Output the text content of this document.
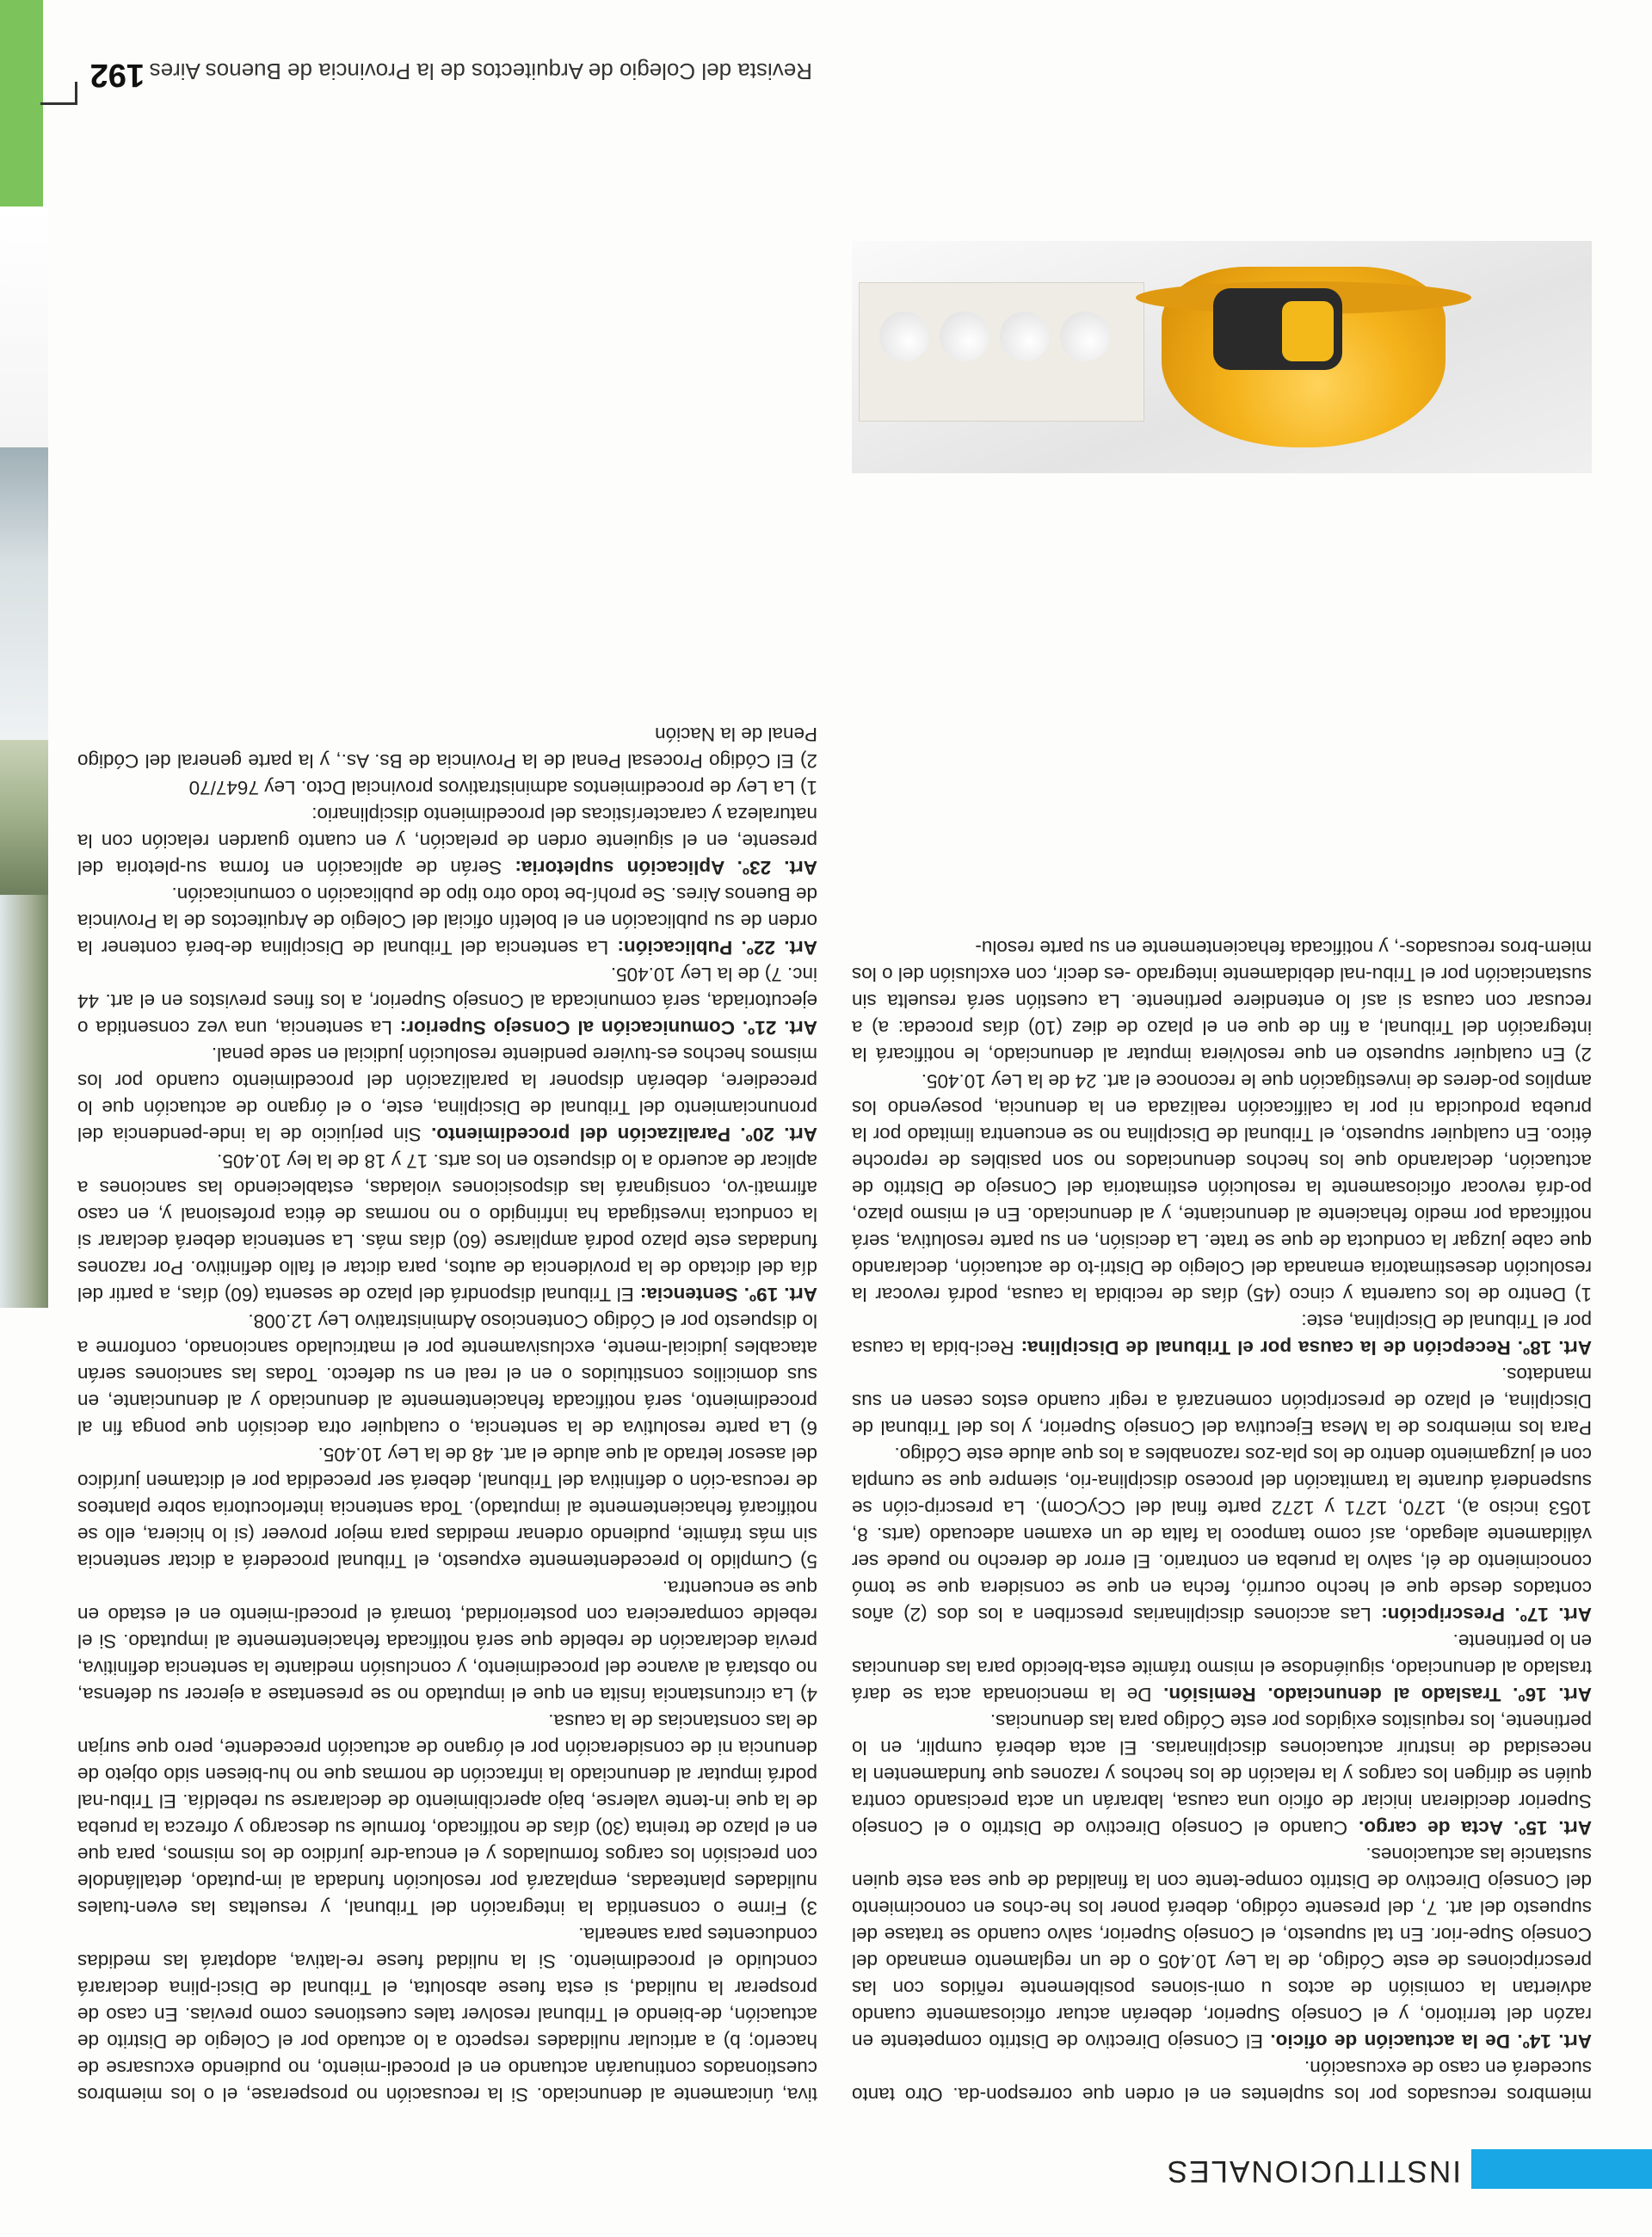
INSTITUCIONALES

miembros recusados por los suplentes en el orden que correspon-da. Otro tanto sucederá en caso de excusación.

Art. 14º. De la actuación de oficio. El Consejo Directivo de Distrito competente en razón del territorio, y el Consejo Superior, deberán actuar oficiosamente cuando adviertan la comisión de actos u omi-siones posiblemente reñidos con las prescripciones de este Código, de la Ley 10.405 o de un reglamento emanado del Consejo Supe-rior. En tal supuesto, el Consejo Superior, salvo cuando se tratase del supuesto del art. 7, del presente código, deberá poner los he-chos en conocimiento del Consejo Directivo de Distrito compe-tente con la finalidad de que sea este quien sustancie las actuaciones.

Art. 15º. Acta de cargo. Cuando el Consejo Directivo de Distrito o el Consejo Superior decidieran iniciar de oficio una causa, labrarán un acta precisando contra quién se dirigen los cargos y la relación de los hechos y razones que fundamenten la necesidad de instruir actuaciones disciplinarias. El acta deberá cumplir, en lo pertinente, los requisitos exigidos por este Código para las denuncias.

Art. 16º. Traslado al denunciado. Remisión. De la mencionada acta se dará traslado al denunciado, siguiéndose el mismo trámite esta-blecido para las denuncias en lo pertinente.

Art. 17º. Prescripción: Las acciones disciplinarias prescriben a los dos (2) años contados desde que el hecho ocurrió, fecha en que se considera que se tomó conocimiento de él, salvo la prueba en contrario. El error de derecho no puede ser válidamente alegado, así como tampoco la falta de un examen adecuado (arts. 8, 1053 inciso a), 1270, 1271 y 1272 parte final del CCyCom). La prescrip-ción se suspenderá durante la tramitación del proceso disciplina-rio, siempre que se cumpla con el juzgamiento dentro de los pla-zos razonables a los que alude este Código.

Para los miembros de la Mesa Ejecutiva del Consejo Superior, y los del Tribunal de Disciplina, el plazo de prescripción comenzará a regir cuando estos cesen en sus mandatos.

Art. 18º. Recepción de la causa por el Tribunal de Disciplina: Reci-bida la causa por el Tribunal de Disciplina, este:

1) Dentro de los cuarenta y cinco (45) días de recibida la causa, podrá revocar la resolución desestimatoria emanada del Colegio de Distri-to de actuación, declarando que cabe juzgar la conducta de que se trate. La decisión, en su parte resolutiva, será notificada por medio fehaciente al denunciante, y al denunciado. En el mismo plazo, po-drá revocar oficiosamente la resolución estimatoria del Consejo de Distrito de actuación, declarando que los hechos denunciados no son pasibles de reproche ético. En cualquier supuesto, el Tribunal de Disciplina no se encuentra limitado por la prueba producida ni por la calificación realizada en la denuncia, poseyendo los amplios po-deres de investigación que le reconoce el art. 24 de la Ley 10.405.

2) En cualquier supuesto en que resolviera imputar al denunciado, le notificará la integración del Tribunal, a fin de que en el plazo de diez (10) días proceda: a) a recusar con causa si así lo entendiere pertinente. La cuestión será resuelta sin sustanciación por el Tribu-nal debidamente integrado -es decir, con exclusión del o los miem-bros recusados-, y notificada fehacientemente en su parte resolu-

tiva, únicamente al denunciado. Si la recusación no prosperase, el o los miembros cuestionados continuarán actuando en el procedi-miento, no pudiendo excusarse de hacerlo; b) a articular nulidades respecto a lo actuado por el Colegio de Distrito de actuación, de-biendo el Tribunal resolver tales cuestiones como previas. En caso de prosperar la nulidad, si esta fuese absoluta, el Tribunal de Disci-plina declarará concluido el procedimiento. Si la nulidad fuese re-lativa, adoptará las medidas conducentes para sanearla.

3) Firme o consentida la integración del Tribunal, y resueltas las even-tuales nulidades planteadas, emplazará por resolución fundada al im-putado, detallándole con precisión los cargos formulados y el encua-dre jurídico de los mismos, para que en el plazo de treinta (30) días de notificado, formule su descargo y ofrezca la prueba de la que in-tente valerse, bajo apercibimiento de declararse su rebeldía. El Tribu-nal podrá imputar al denunciado la infracción de normas que no hu-biesen sido objeto de denuncia ni de consideración por el órgano de actuación precedente, pero que surjan de las constancias de la causa.

4) La circunstancia ínsita en que el imputado no se presentase a ejercer su defensa, no obstará al avance del procedimiento, y conclusión mediante la sentencia definitiva, previa declaración de rebelde que será notificada fehacientemente al imputado. Si el rebelde compareciera con posterioridad, tomará el procedi-miento en el estado en que se encuentra.

5) Cumplido lo precedentemente expuesto, el Tribunal procederá a dictar sentencia sin más trámite, pudiendo ordenar medidas para mejor proveer (si lo hiciera, ello se notificará fehacientemente al imputado). Toda sentencia interlocutoria sobre planteos de recusa-ción o definitiva del Tribunal, deberá ser precedida por el dictamen jurídico del asesor letrado al que alude el art. 48 de la Ley 10.405.

6) La parte resolutiva de la sentencia, o cualquier otra decisión que ponga fin al procedimiento, será notificada fehacientemente al denunciado y al denunciante, en sus domicilios constituidos o en el real en su defecto. Todas las sanciones serán atacables judicial-mente, exclusivamente por el matriculado sancionado, conforme a lo dispuesto por el Código Contencioso Administrativo Ley 12.008.

Art. 19º. Sentencia: El Tribunal dispondrá del plazo de sesenta (60) días, a partir del día del dictado de la providencia de autos, para dictar el fallo definitivo. Por razones fundadas este plazo podrá ampliarse (60) días más. La sentencia deberá declarar si la conducta investigada ha infringido o no normas de ética profesional y, en caso afirmati-vo, consignará las disposiciones violadas, estableciendo las sanciones a aplicar de acuerdo a lo dispuesto en los arts. 17 y 18 de la ley 10.405.

Art. 20º. Paralización del procedimiento. Sin perjuicio de la inde-pendencia del pronunciamiento del Tribunal de Disciplina, este, o el órgano de actuación que lo precediere, deberán disponer la paralización del procedimiento cuando por los mismos hechos es-tuviere pendiente resolución judicial en sede penal.

Art. 21º. Comunicación al Consejo Superior: La sentencia, una vez consentida o ejecutoriada, será comunicada al Consejo Superior, a los fines previstos en el art. 44 inc. 7) de la Ley 10.405.

Art. 22º. Publicación: La sentencia del Tribunal de Disciplina de-berá contener la orden de su publicación en el boletín oficial del Colegio de Arquitectos de la Provincia de Buenos Aires. Se prohí-be todo otro tipo de publicación o comunicación.

Art. 23º. Aplicación supletoria: Serán de aplicación en forma su-pletoria del presente, en el siguiente orden de prelación, y en cuanto guarden relación con la naturaleza y características del procedimiento disciplinario:

1) La Ley de procedimientos administrativos provincial Dcto. Ley 7647/70

2) El Código Procesal Penal de la Provincia de Bs. As., y la parte general del Código Penal de la Nación

192 Revista del Colegio de Arquitectos de la Provincia de Buenos Aires
